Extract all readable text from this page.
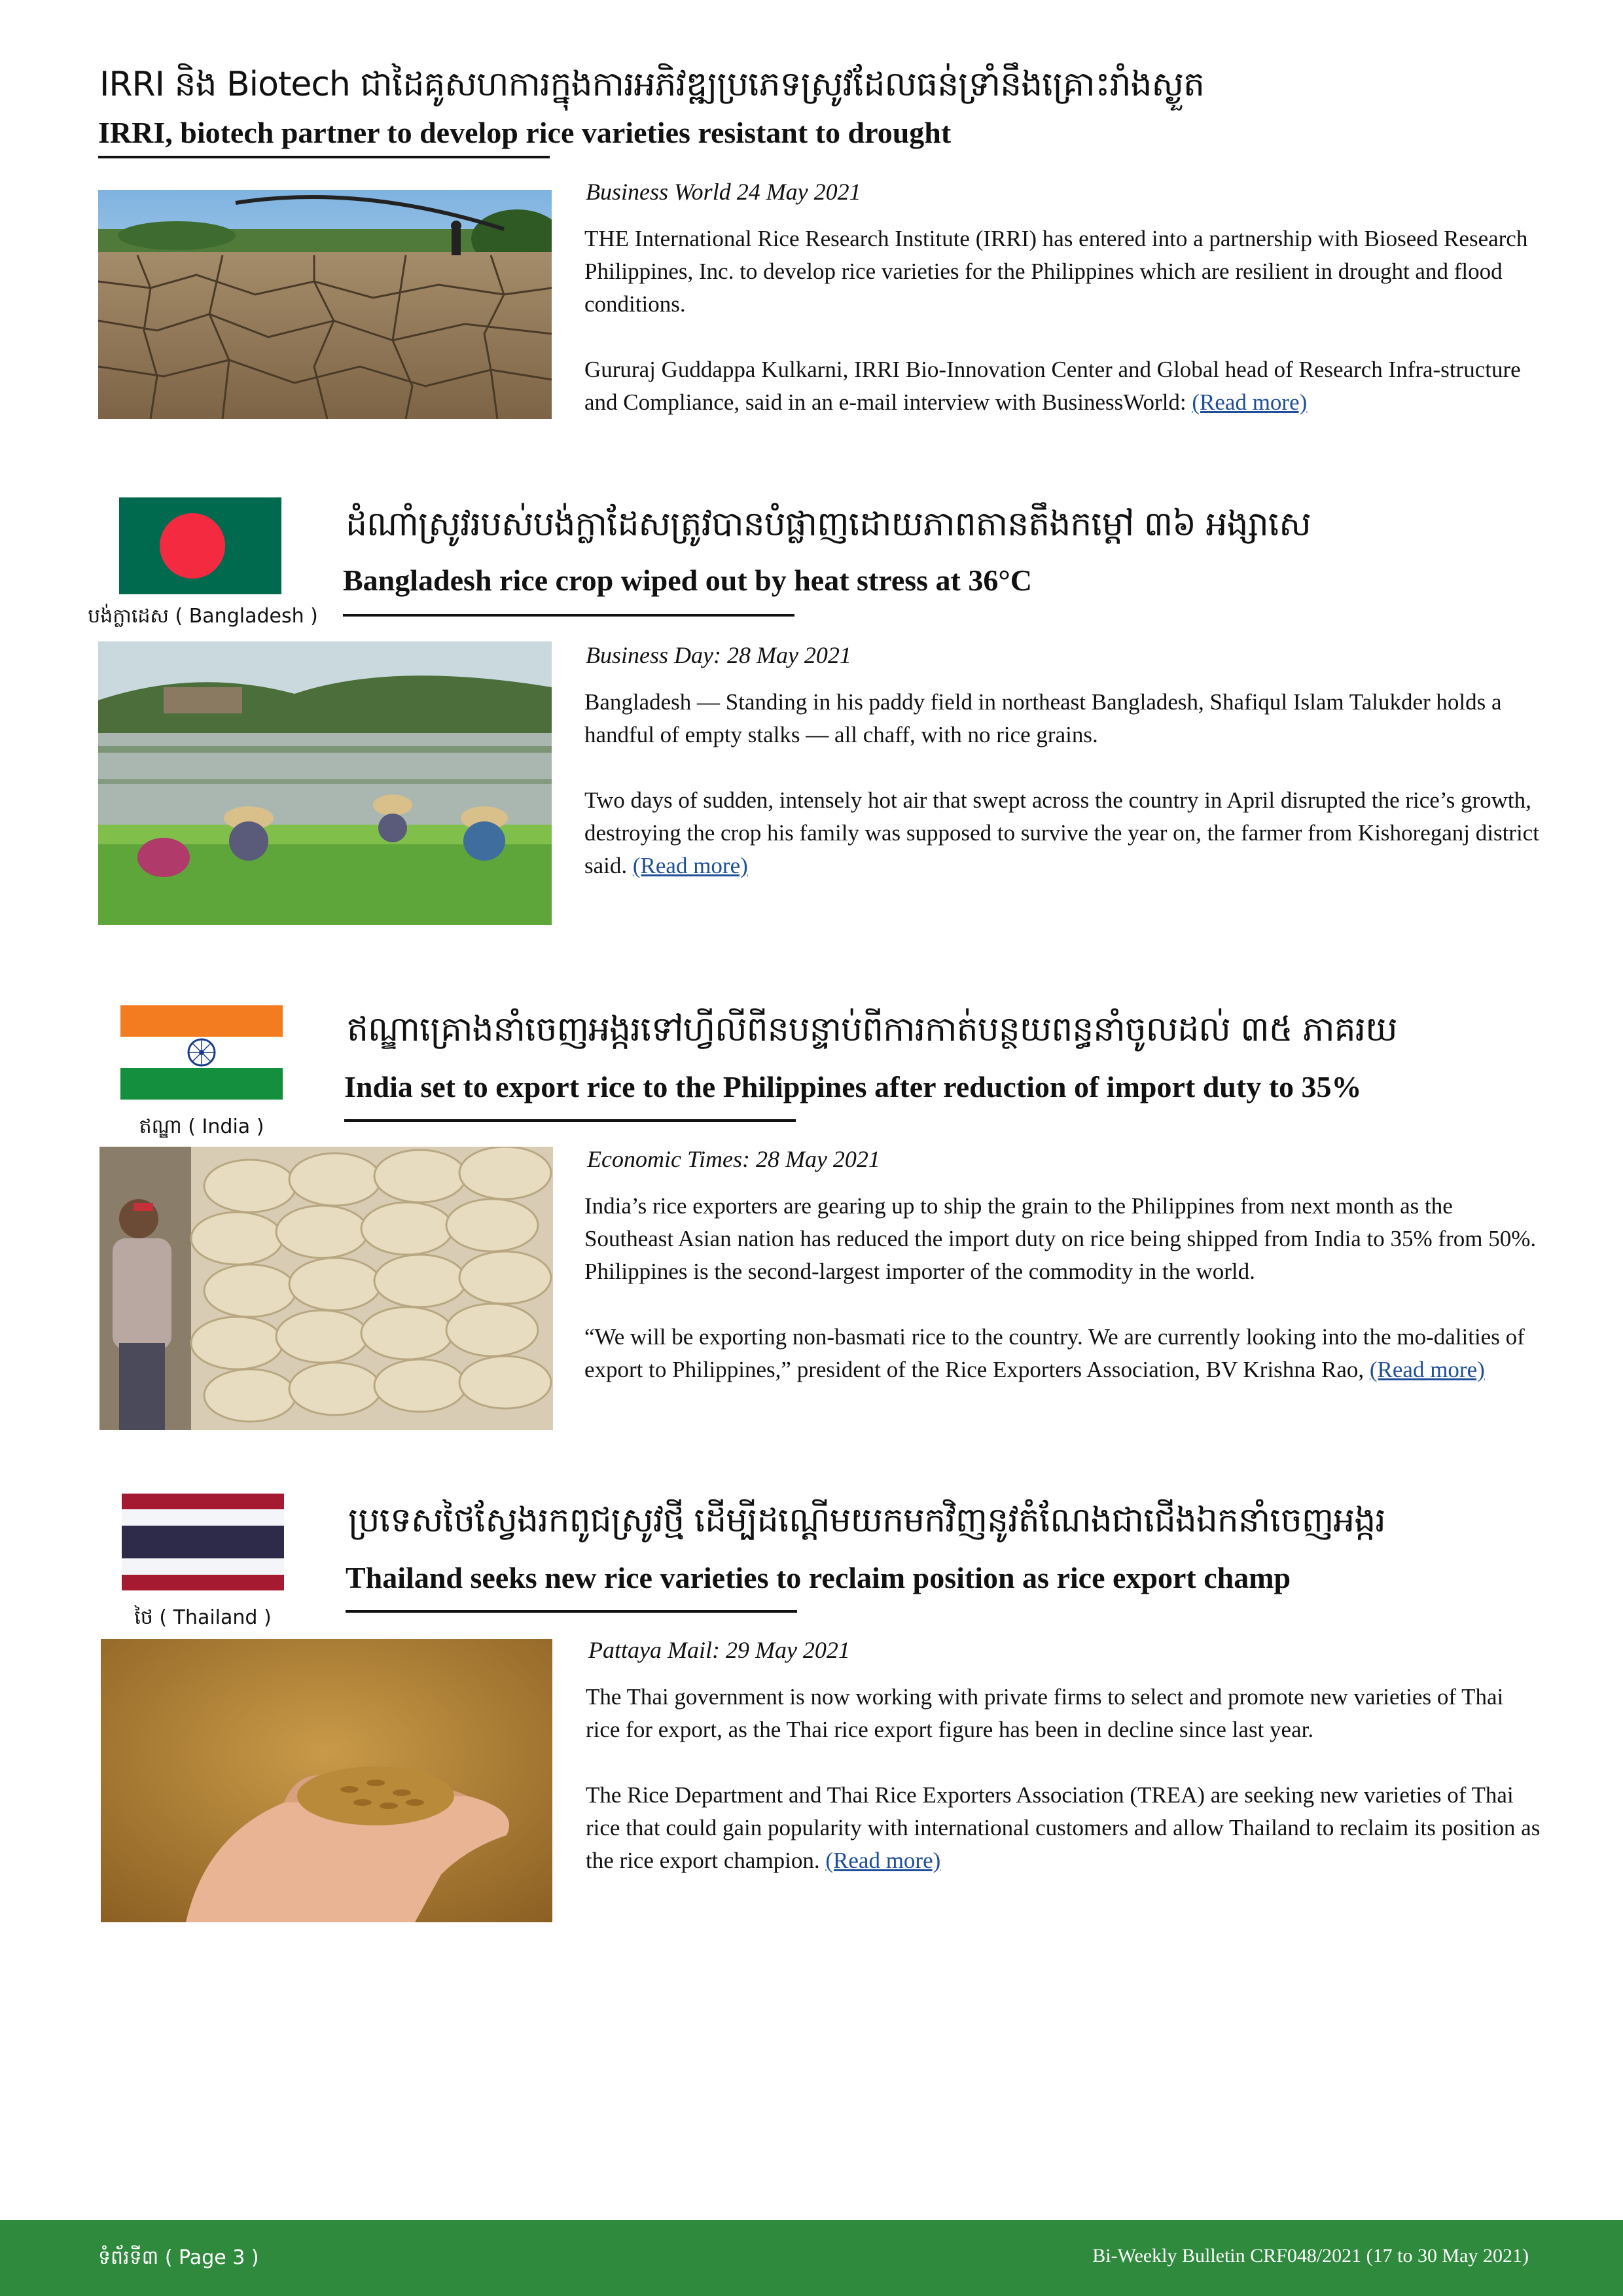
IRRI និង Biotech ជាដៃគូសហការក្នុងការអភិវឌ្ឍប្រភេទស្រូវដែលធន់ទ្រាំនឹងគ្រោះរាំងស្ងួត
IRRI, biotech partner to develop rice varieties resistant to drought
Business World 24 May 2021
THE International Rice Research Institute (IRRI) has entered into a partnership with Bioseed Research Philippines, Inc. to develop rice varieties for the Philippines which are resilient in drought and flood conditions.
Gururaj Guddappa Kulkarni, IRRI Bio-Innovation Center and Global head of Research Infra-structure and Compliance, said in an e-mail interview with BusinessWorld: (Read more)
បង់ក្លាដេស ( Bangladesh )
ដំណាំស្រូវរបស់បង់ក្លាដែសត្រូវបានបំផ្លាញដោយភាពតានតឹងកម្តៅ ៣៦ អង្សាសេ
Bangladesh rice crop wiped out by heat stress at 36°C
Business Day: 28 May 2021
Bangladesh — Standing in his paddy field in northeast Bangladesh, Shafiqul Islam Talukder holds a handful of empty stalks — all chaff, with no rice grains.
Two days of sudden, intensely hot air that swept across the country in April disrupted the rice’s growth, destroying the crop his family was supposed to survive the year on, the farmer from Kishoreganj district said. (Read more)
ឥណ្ឌា ( India )
ឥណ្ឌាគ្រោងនាំចេញអង្ករទៅហ្វីលីពីនបន្ទាប់ពីការកាត់បន្ថយពន្ធនាំចូលដល់ ៣៥ ភាគរយ
India set to export rice to the Philippines after reduction of import duty to 35%
Economic Times: 28 May 2021
India’s rice exporters are gearing up to ship the grain to the Philippines from next month as the Southeast Asian nation has reduced the import duty on rice being shipped from India to 35% from 50%. Philippines is the second-largest importer of the commodity in the world.
“We will be exporting non-basmati rice to the country. We are currently looking into the mo-dalities of export to Philippines,” president of the Rice Exporters Association, BV Krishna Rao, (Read more)
ថៃ ( Thailand )
ប្រទេសថៃស្វែងរកពូជស្រូវថ្មី ដើម្បីដណ្តើមយកមកវិញនូវតំណែងជាជើងឯកនាំចេញអង្ករ
Thailand seeks new rice varieties to reclaim position as rice export champ
Pattaya Mail: 29 May 2021
The Thai government is now working with private firms to select and promote new varieties of Thai rice for export, as the Thai rice export figure has been in decline since last year.
The Rice Department and Thai Rice Exporters Association (TREA) are seeking new varieties of Thai rice that could gain popularity with international customers and allow Thailand to reclaim its position as the rice export champion. (Read more)
ទំព័រទី៣ ( Page 3 )	Bi-Weekly Bulletin CRF048/2021 (17 to 30 May 2021)
